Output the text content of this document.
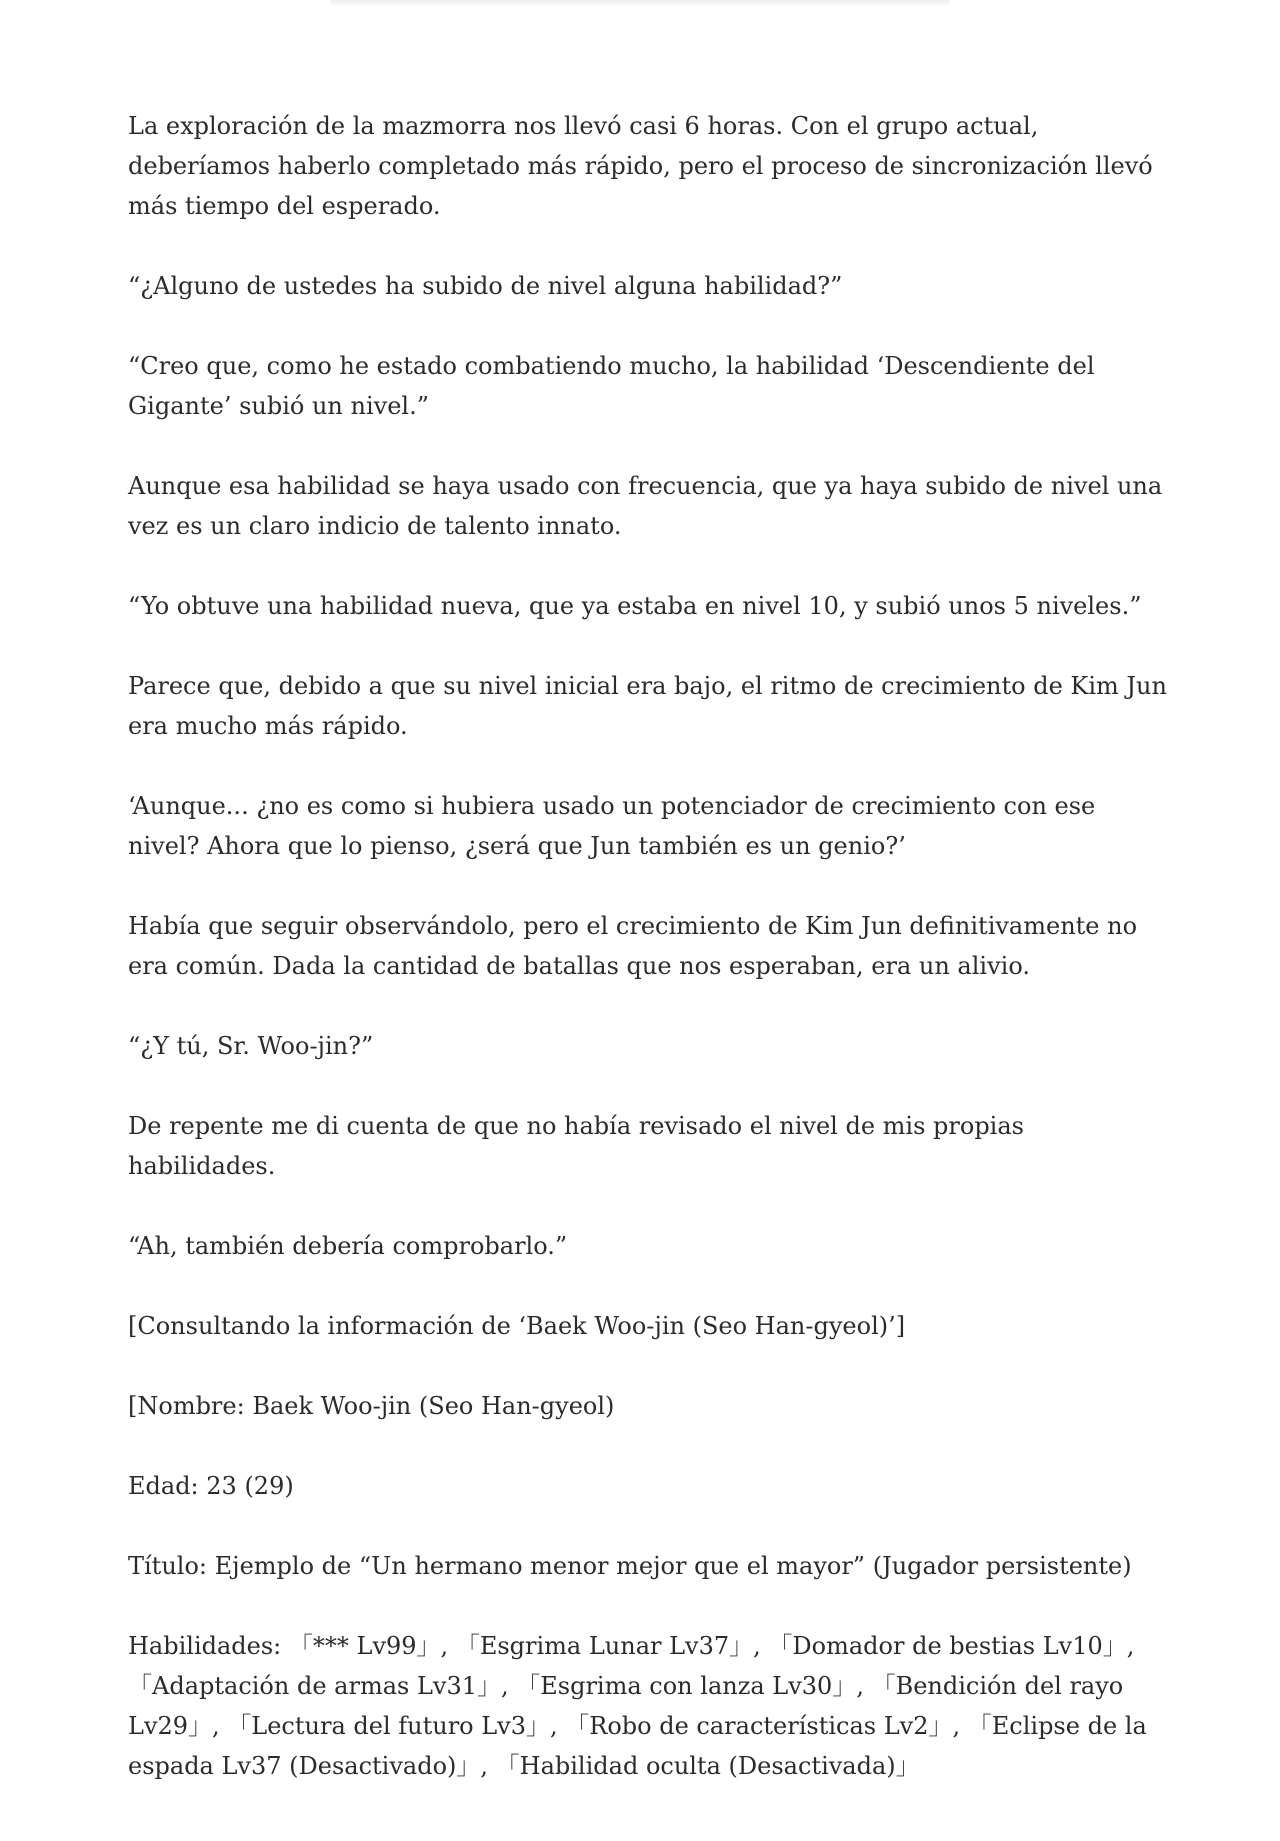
La exploración de la mazmorra nos llevó casi 6 horas. Con el grupo actual, deberíamos haberlo completado más rápido, pero el proceso de sincronización llevó más tiempo del esperado.

“¿Alguno de ustedes ha subido de nivel alguna habilidad?”

“Creo que, como he estado combatiendo mucho, la habilidad ‘Descendiente del Gigante’ subió un nivel.”

Aunque esa habilidad se haya usado con frecuencia, que ya haya subido de nivel una vez es un claro indicio de talento innato.

“Yo obtuve una habilidad nueva, que ya estaba en nivel 10, y subió unos 5 niveles.”

Parece que, debido a que su nivel inicial era bajo, el ritmo de crecimiento de Kim Jun era mucho más rápido.

‘Aunque... ¿no es como si hubiera usado un potenciador de crecimiento con ese nivel? Ahora que lo pienso, ¿será que Jun también es un genio?’

Había que seguir observándolo, pero el crecimiento de Kim Jun definitivamente no era común. Dada la cantidad de batallas que nos esperaban, era un alivio.

“¿Y tú, Sr. Woo-jin?”

De repente me di cuenta de que no había revisado el nivel de mis propias habilidades.

“Ah, también debería comprobarlo.”

[Consultando la información de ‘Baek Woo-jin (Seo Han-gyeol)’]

[Nombre: Baek Woo-jin (Seo Han-gyeol)

Edad: 23 (29)

Título: Ejemplo de “Un hermano menor mejor que el mayor” (Jugador persistente)

Habilidades: 「*** Lv99」, 「Esgrima Lunar Lv37」, 「Domador de bestias Lv10」, 「Adaptación de armas Lv31」, 「Esgrima con lanza Lv30」, 「Bendición del rayo Lv29」, 「Lectura del futuro Lv3」, 「Robo de características Lv2」, 「Eclipse de la espada Lv37 (Desactivado)」, 「Habilidad oculta (Desactivada)」
